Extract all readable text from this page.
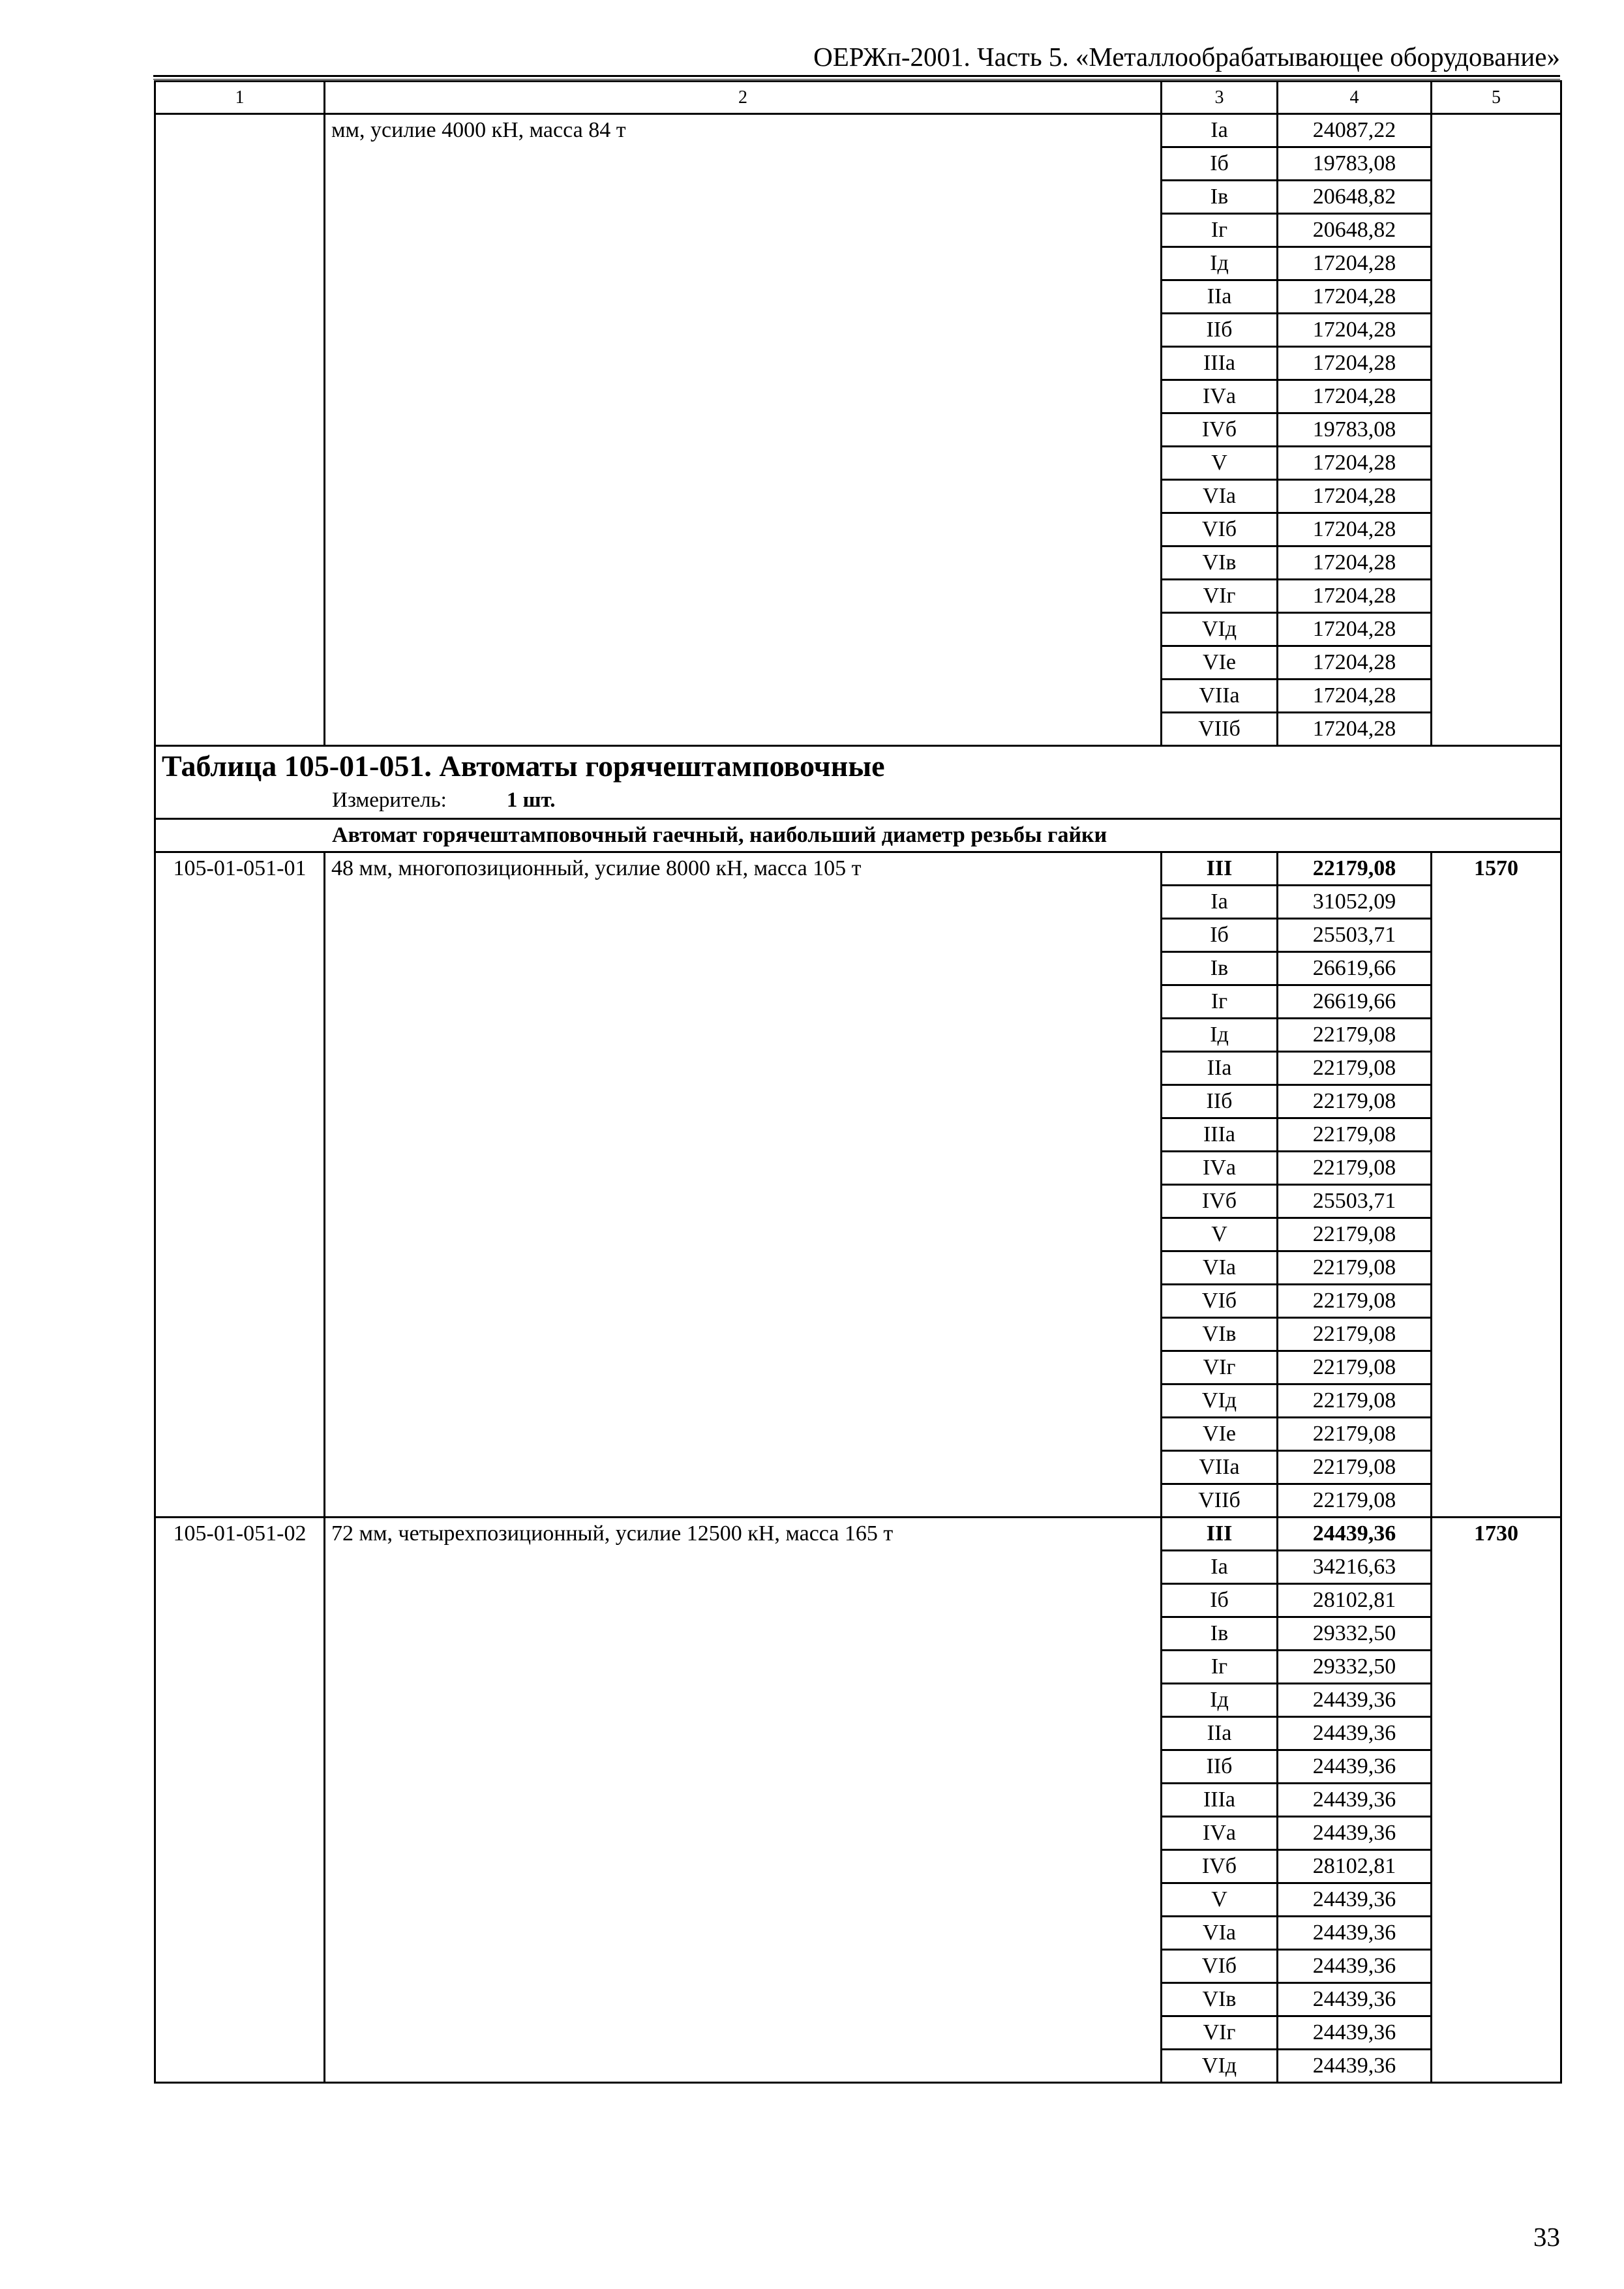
ОЕРЖп-2001. Часть 5. «Металлообрабатывающее оборудование»
1	2	3	4	5
	мм, усилие 4000 кН, масса 84 т	Iа	24087,22	
		Iб	19783,08	
		Iв	20648,82	
		Iг	20648,82	
		Iд	17204,28	
		IIа	17204,28	
		IIб	17204,28	
		IIIа	17204,28	
		IVа	17204,28	
		IVб	19783,08	
		V	17204,28	
		VIа	17204,28	
		VIб	17204,28	
		VIв	17204,28	
		VIг	17204,28	
		VIд	17204,28	
		VIе	17204,28	
		VIIа	17204,28	
		VIIб	17204,28	

Таблица 105-01-051. Автоматы горячештамповочные
Измеритель: 1 шт.				

Автомат горячештамповочный гаечный, наибольший диаметр резьбы гайки				
105-01-051-01	48 мм, многопозиционный, усилие 8000 кН, масса 105 т	III	22179,08	1570
		Iа	31052,09	
		Iб	25503,71	
		Iв	26619,66	
		Iг	26619,66	
		Iд	22179,08	
		IIа	22179,08	
		IIб	22179,08	
		IIIа	22179,08	
		IVа	22179,08	
		IVб	25503,71	
		V	22179,08	
		VIа	22179,08	
		VIб	22179,08	
		VIв	22179,08	
		VIг	22179,08	
		VIд	22179,08	
		VIе	22179,08	
		VIIа	22179,08	
		VIIб	22179,08	
105-01-051-02	72 мм, четырехпозиционный, усилие 12500 кН, масса 165 т	III	24439,36	1730
		Iа	34216,63	
		Iб	28102,81	
		Iв	29332,50	
		Iг	29332,50	
		Iд	24439,36	
		IIа	24439,36	
		IIб	24439,36	
		IIIа	24439,36	
		IVа	24439,36	
		IVб	28102,81	
		V	24439,36	
		VIа	24439,36	
		VIб	24439,36	
		VIв	24439,36	
		VIг	24439,36	
		VIд	24439,36	
33
